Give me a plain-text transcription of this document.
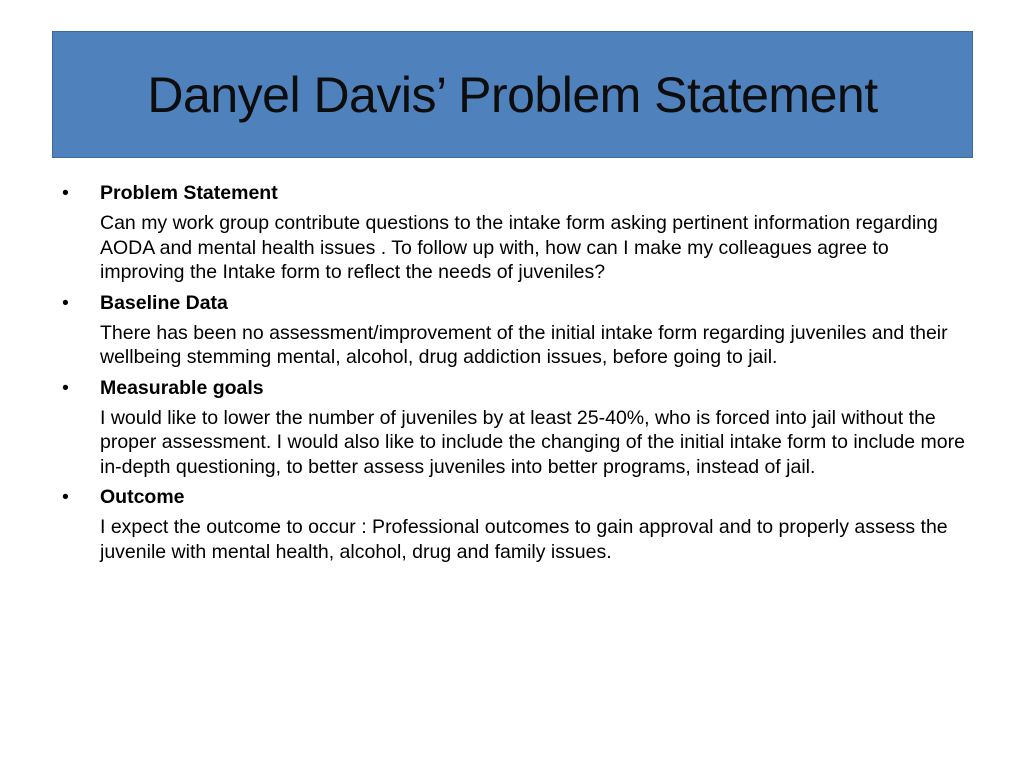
Danyel Davis’ Problem Statement
•	Problem Statement
Can my work group contribute questions to the intake form asking pertinent information regarding AODA and mental health issues . To follow up with, how can I make my colleagues agree to improving the Intake form to reflect the needs of juveniles?
•	Baseline Data
There has been no assessment/improvement of the initial intake form regarding juveniles and their wellbeing stemming mental, alcohol, drug addiction issues, before going to jail.
•	Measurable goals
I would like to lower the number of juveniles by at least 25-40%, who is forced into jail without the proper assessment. I would also like to include the changing of the initial intake form to include more in-depth questioning, to better assess juveniles into better programs, instead of jail.
•	Outcome
I expect the outcome to occur : Professional outcomes to gain approval and to properly assess the juvenile with mental health, alcohol, drug and family issues.
